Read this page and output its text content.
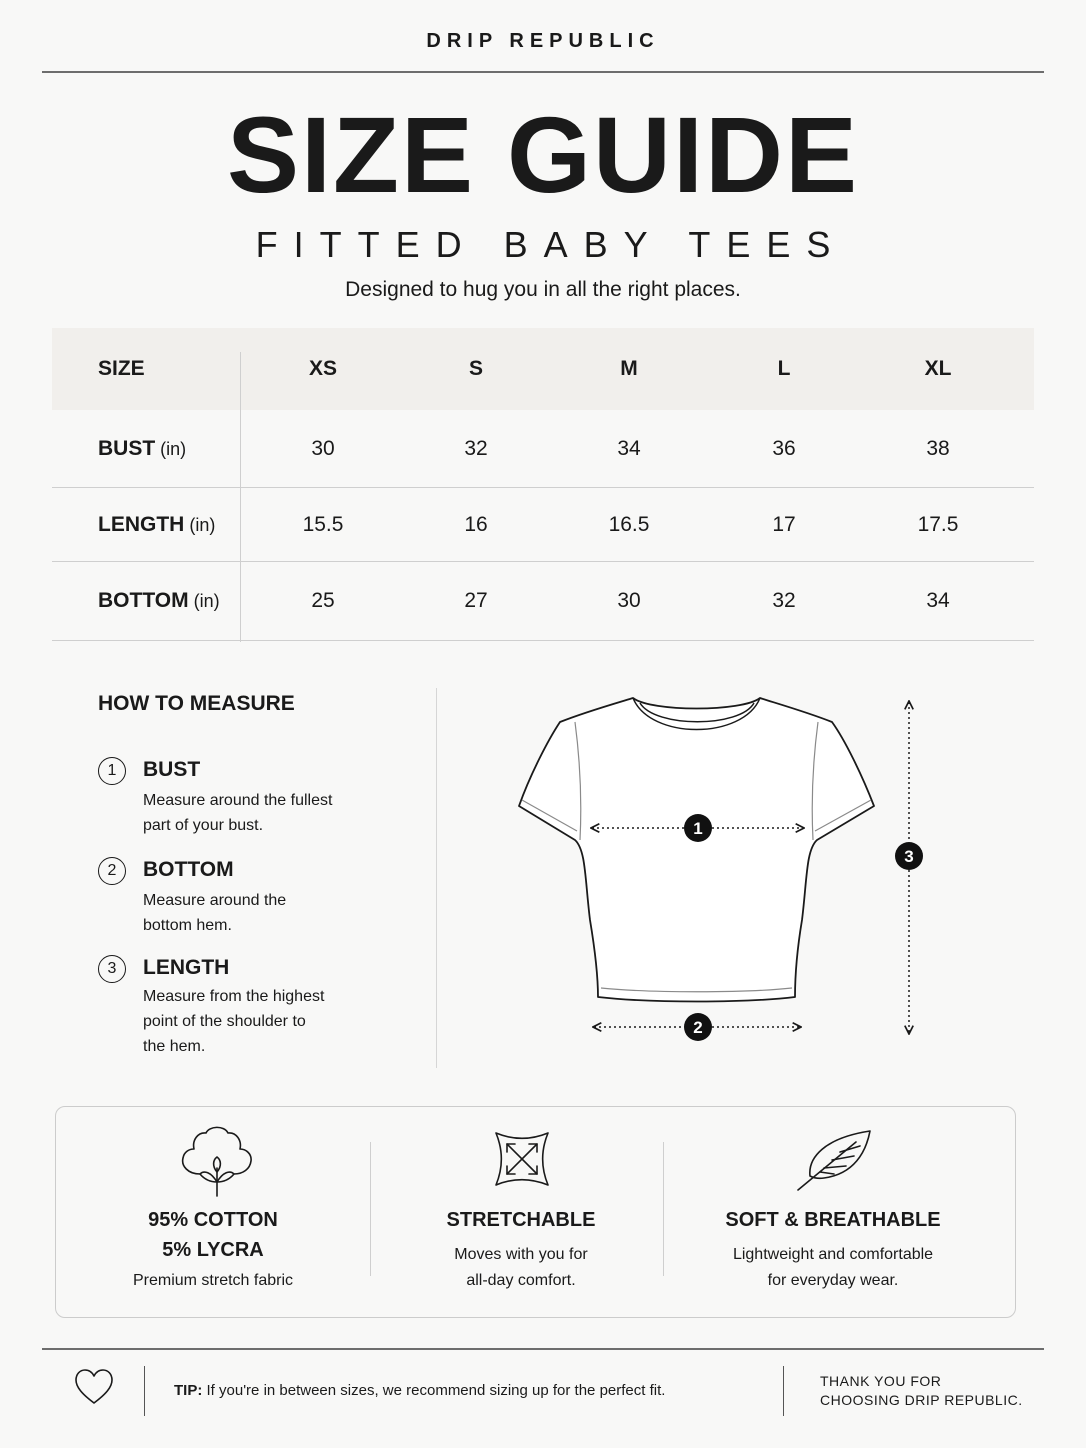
DRIP REPUBLIC
SIZE GUIDE
FITTED BABY TEES
Designed to hug you in all the right places.
SIZE	XS	S	M	L	XL
BUST (in)	30	32	34	36	38
LENGTH (in)	15.5	16	16.5	17	17.5
BOTTOM (in)	25	27	30	32	34
HOW TO MEASURE
1	BUST
Measure around the fullest
part of your bust.
2	BOTTOM
Measure around the
bottom hem.
3	LENGTH
Measure from the highest
point of the shoulder to
the hem.
1
2
3
95% COTTON
5% LYCRA
Premium stretch fabric
STRETCHABLE
Moves with you for
all-day comfort.
SOFT & BREATHABLE
Lightweight and comfortable
for everyday wear.
TIP: If you're in between sizes, we recommend sizing up for the perfect fit.
THANK YOU FOR
CHOOSING DRIP REPUBLIC.
